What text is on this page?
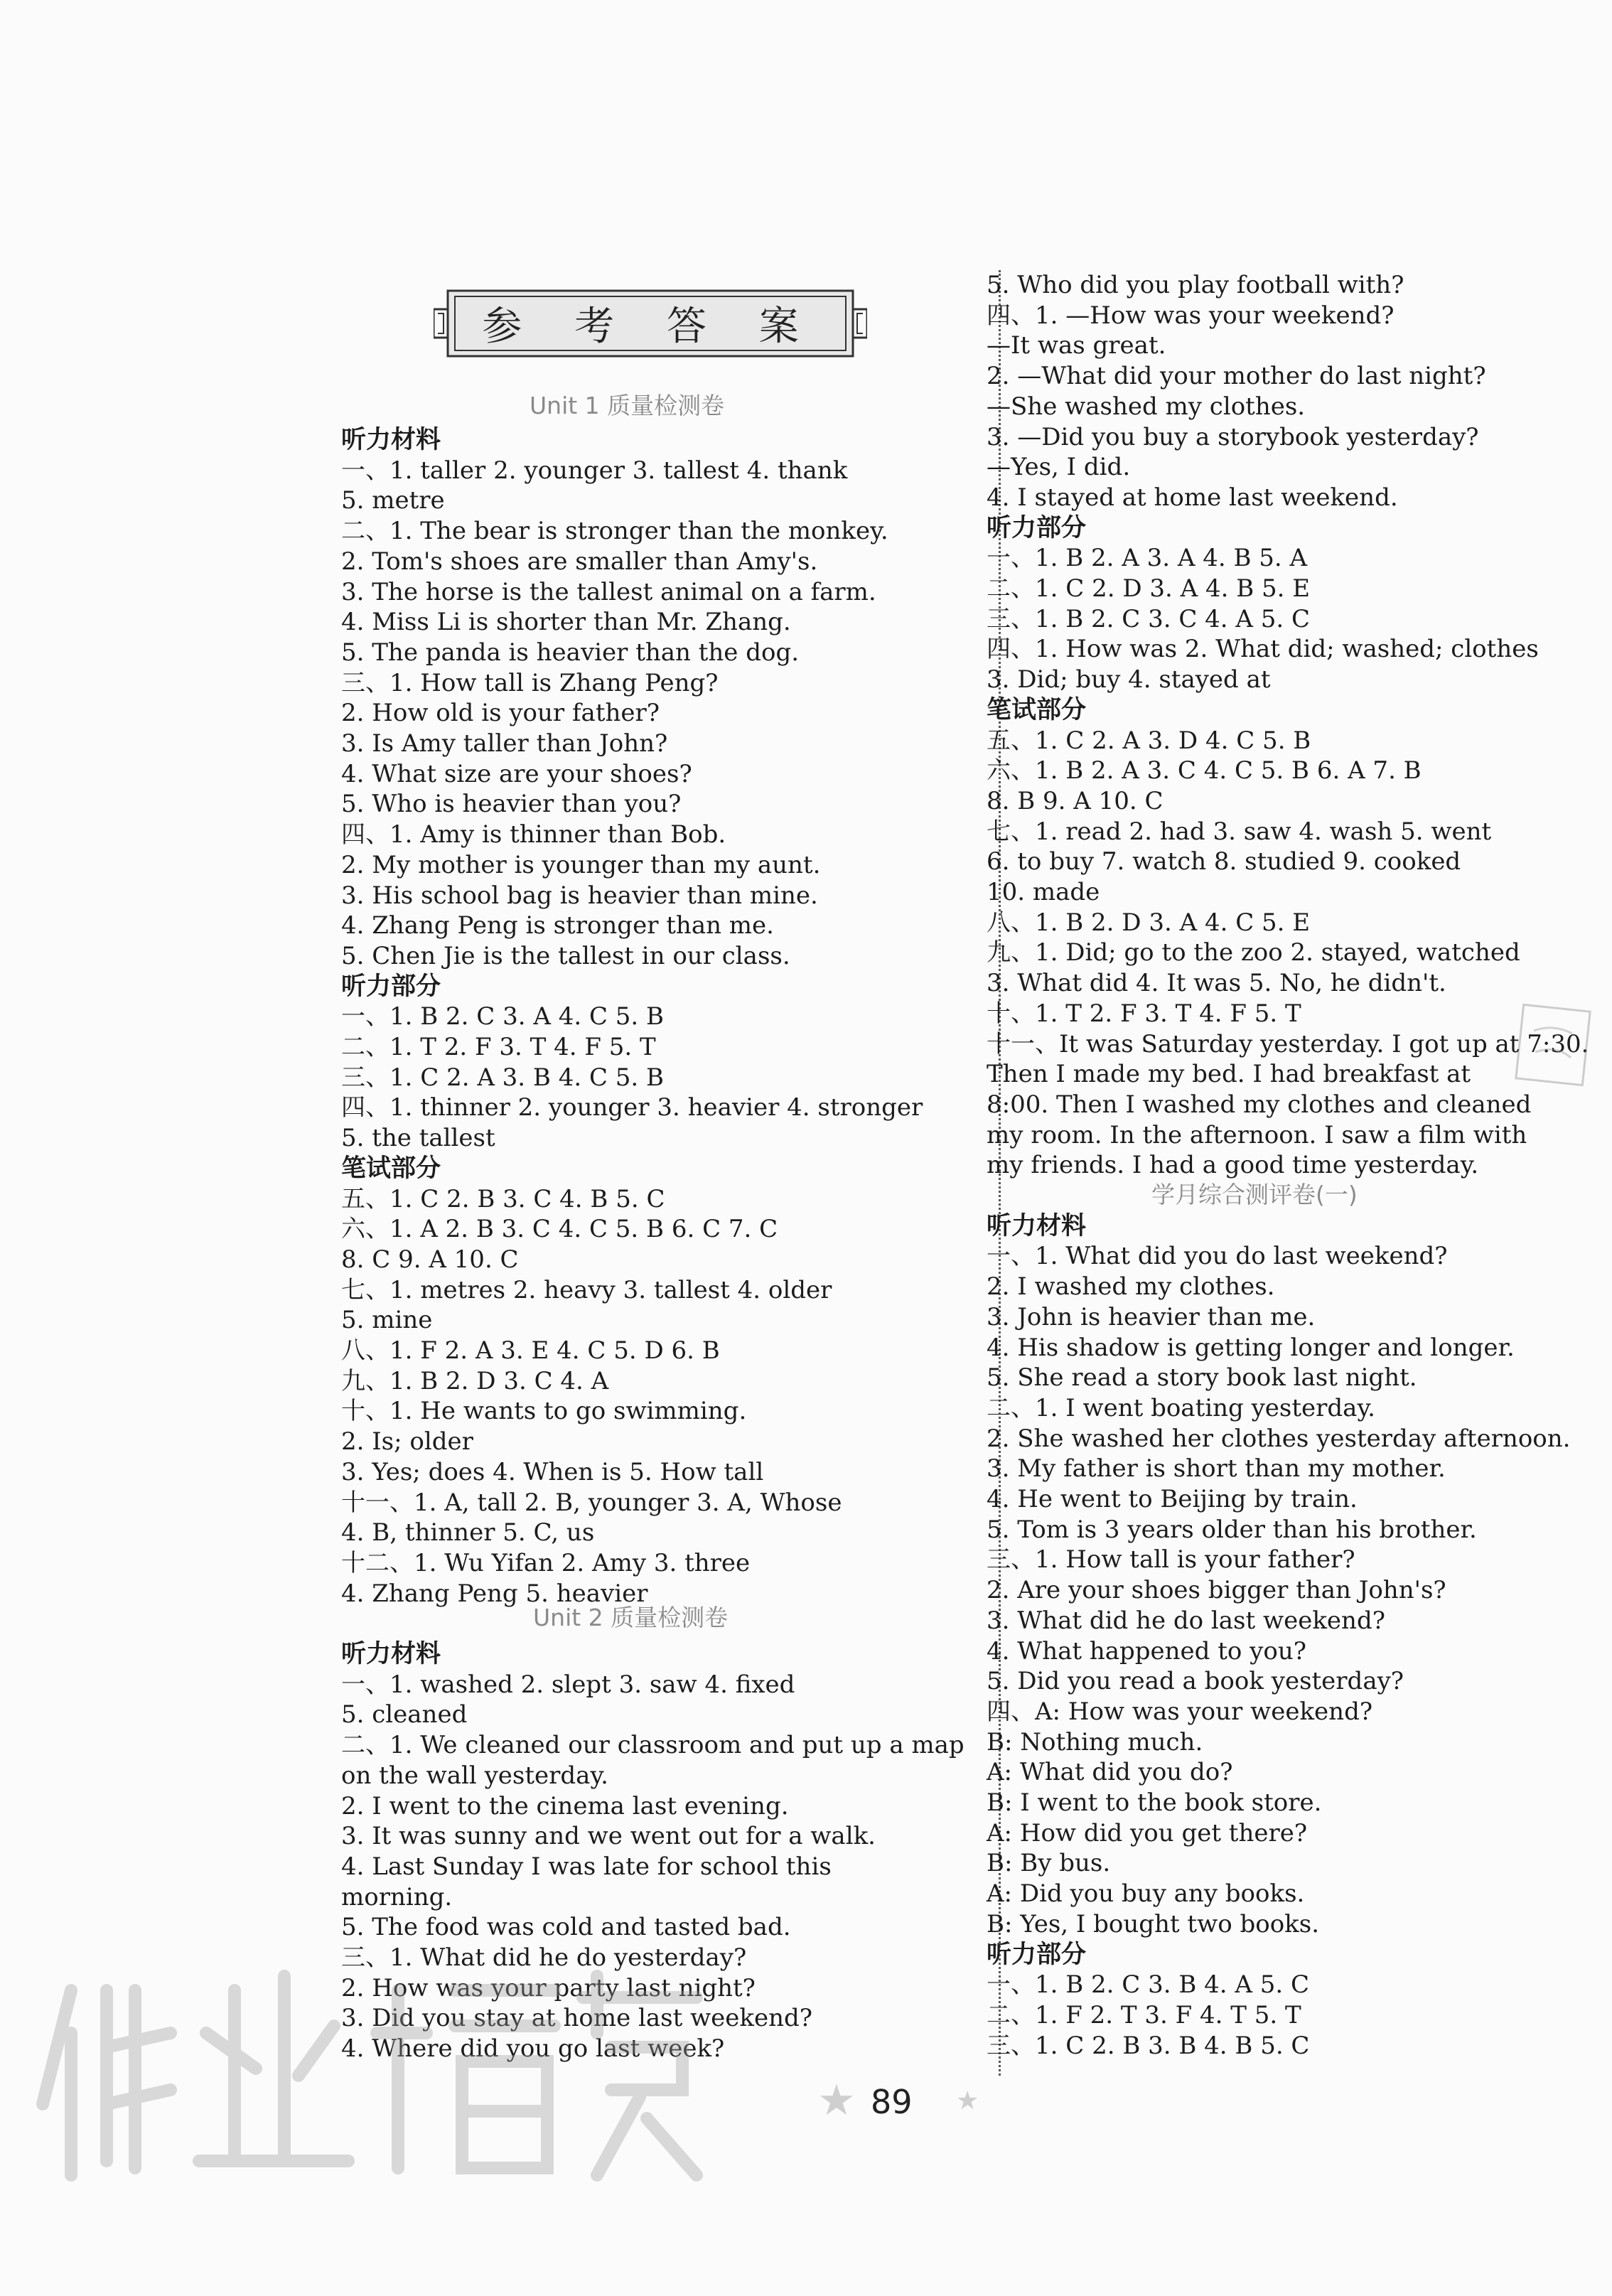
参 考 答 案
Unit 1 质量检测卷
Unit 2 质量检测卷
学月综合测评卷(一)
听力材料
一、1. taller 2. younger 3. tallest 4. thank
5. metre
二、1. The bear is stronger than the monkey.
2. Tom's shoes are smaller than Amy's.
3. The horse is the tallest animal on a farm.
4. Miss Li is shorter than Mr. Zhang.
5. The panda is heavier than the dog.
三、1. How tall is Zhang Peng?
2. How old is your father?
3. Is Amy taller than John?
4. What size are your shoes?
5. Who is heavier than you?
四、1. Amy is thinner than Bob.
2. My mother is younger than my aunt.
3. His school bag is heavier than mine.
4. Zhang Peng is stronger than me.
5. Chen Jie is the tallest in our class.
听力部分
一、1. B 2. C 3. A 4. C 5. B
二、1. T 2. F 3. T 4. F 5. T
三、1. C 2. A 3. B 4. C 5. B
四、1. thinner 2. younger 3. heavier 4. stronger
5. the tallest
笔试部分
五、1. C 2. B 3. C 4. B 5. C
六、1. A 2. B 3. C 4. C 5. B 6. C 7. C
8. C 9. A 10. C
七、1. metres 2. heavy 3. tallest 4. older
5. mine
八、1. F 2. A 3. E 4. C 5. D 6. B
九、1. B 2. D 3. C 4. A
十、1. He wants to go swimming.
2. Is; older
3. Yes; does 4. When is 5. How tall
十一、1. A, tall 2. B, younger 3. A, Whose
4. B, thinner 5. C, us
十二、1. Wu Yifan 2. Amy 3. three
4. Zhang Peng 5. heavier
听力材料
一、1. washed 2. slept 3. saw 4. fixed
5. cleaned
二、1. We cleaned our classroom and put up a map
on the wall yesterday.
2. I went to the cinema last evening.
3. It was sunny and we went out for a walk.
4. Last Sunday I was late for school this
morning.
5. The food was cold and tasted bad.
三、1. What did he do yesterday?
2. How was your party last night?
3. Did you stay at home last weekend?
4. Where did you go last week?
5. Who did you play football with?
四、1. —How was your weekend?
—It was great.
2. —What did your mother do last night?
—She washed my clothes.
3. —Did you buy a storybook yesterday?
—Yes, I did.
4. I stayed at home last weekend.
听力部分
一、1. B 2. A 3. A 4. B 5. A
二、1. C 2. D 3. A 4. B 5. E
三、1. B 2. C 3. C 4. A 5. C
四、1. How was 2. What did; washed; clothes
3. Did; buy 4. stayed at
笔试部分
五、1. C 2. A 3. D 4. C 5. B
六、1. B 2. A 3. C 4. C 5. B 6. A 7. B
8. B 9. A 10. C
七、1. read 2. had 3. saw 4. wash 5. went
6. to buy 7. watch 8. studied 9. cooked
10. made
八、1. B 2. D 3. A 4. C 5. E
九、1. Did; go to the zoo 2. stayed, watched
3. What did 4. It was 5. No, he didn't.
十、1. T 2. F 3. T 4. F 5. T
十一、It was Saturday yesterday. I got up at 7:30.
Then I made my bed. I had breakfast at
8:00. Then I washed my clothes and cleaned
my room. In the afternoon. I saw a film with
my friends. I had a good time yesterday.
听力材料
一、1. What did you do last weekend?
2. I washed my clothes.
3. John is heavier than me.
4. His shadow is getting longer and longer.
5. She read a story book last night.
二、1. I went boating yesterday.
2. She washed her clothes yesterday afternoon.
3. My father is short than my mother.
4. He went to Beijing by train.
5. Tom is 3 years older than his brother.
三、1. How tall is your father?
2. Are your shoes bigger than John's?
3. What did he do last weekend?
4. What happened to you?
5. Did you read a book yesterday?
四、A: How was your weekend?
B: Nothing much.
A: What did you do?
B: I went to the book store.
A: How did you get there?
B: By bus.
A: Did you buy any books.
B: Yes, I bought two books.
听力部分
一、1. B 2. C 3. B 4. A 5. C
二、1. F 2. T 3. F 4. T 5. T
三、1. C 2. B 3. B 4. B 5. C
★	★
89
